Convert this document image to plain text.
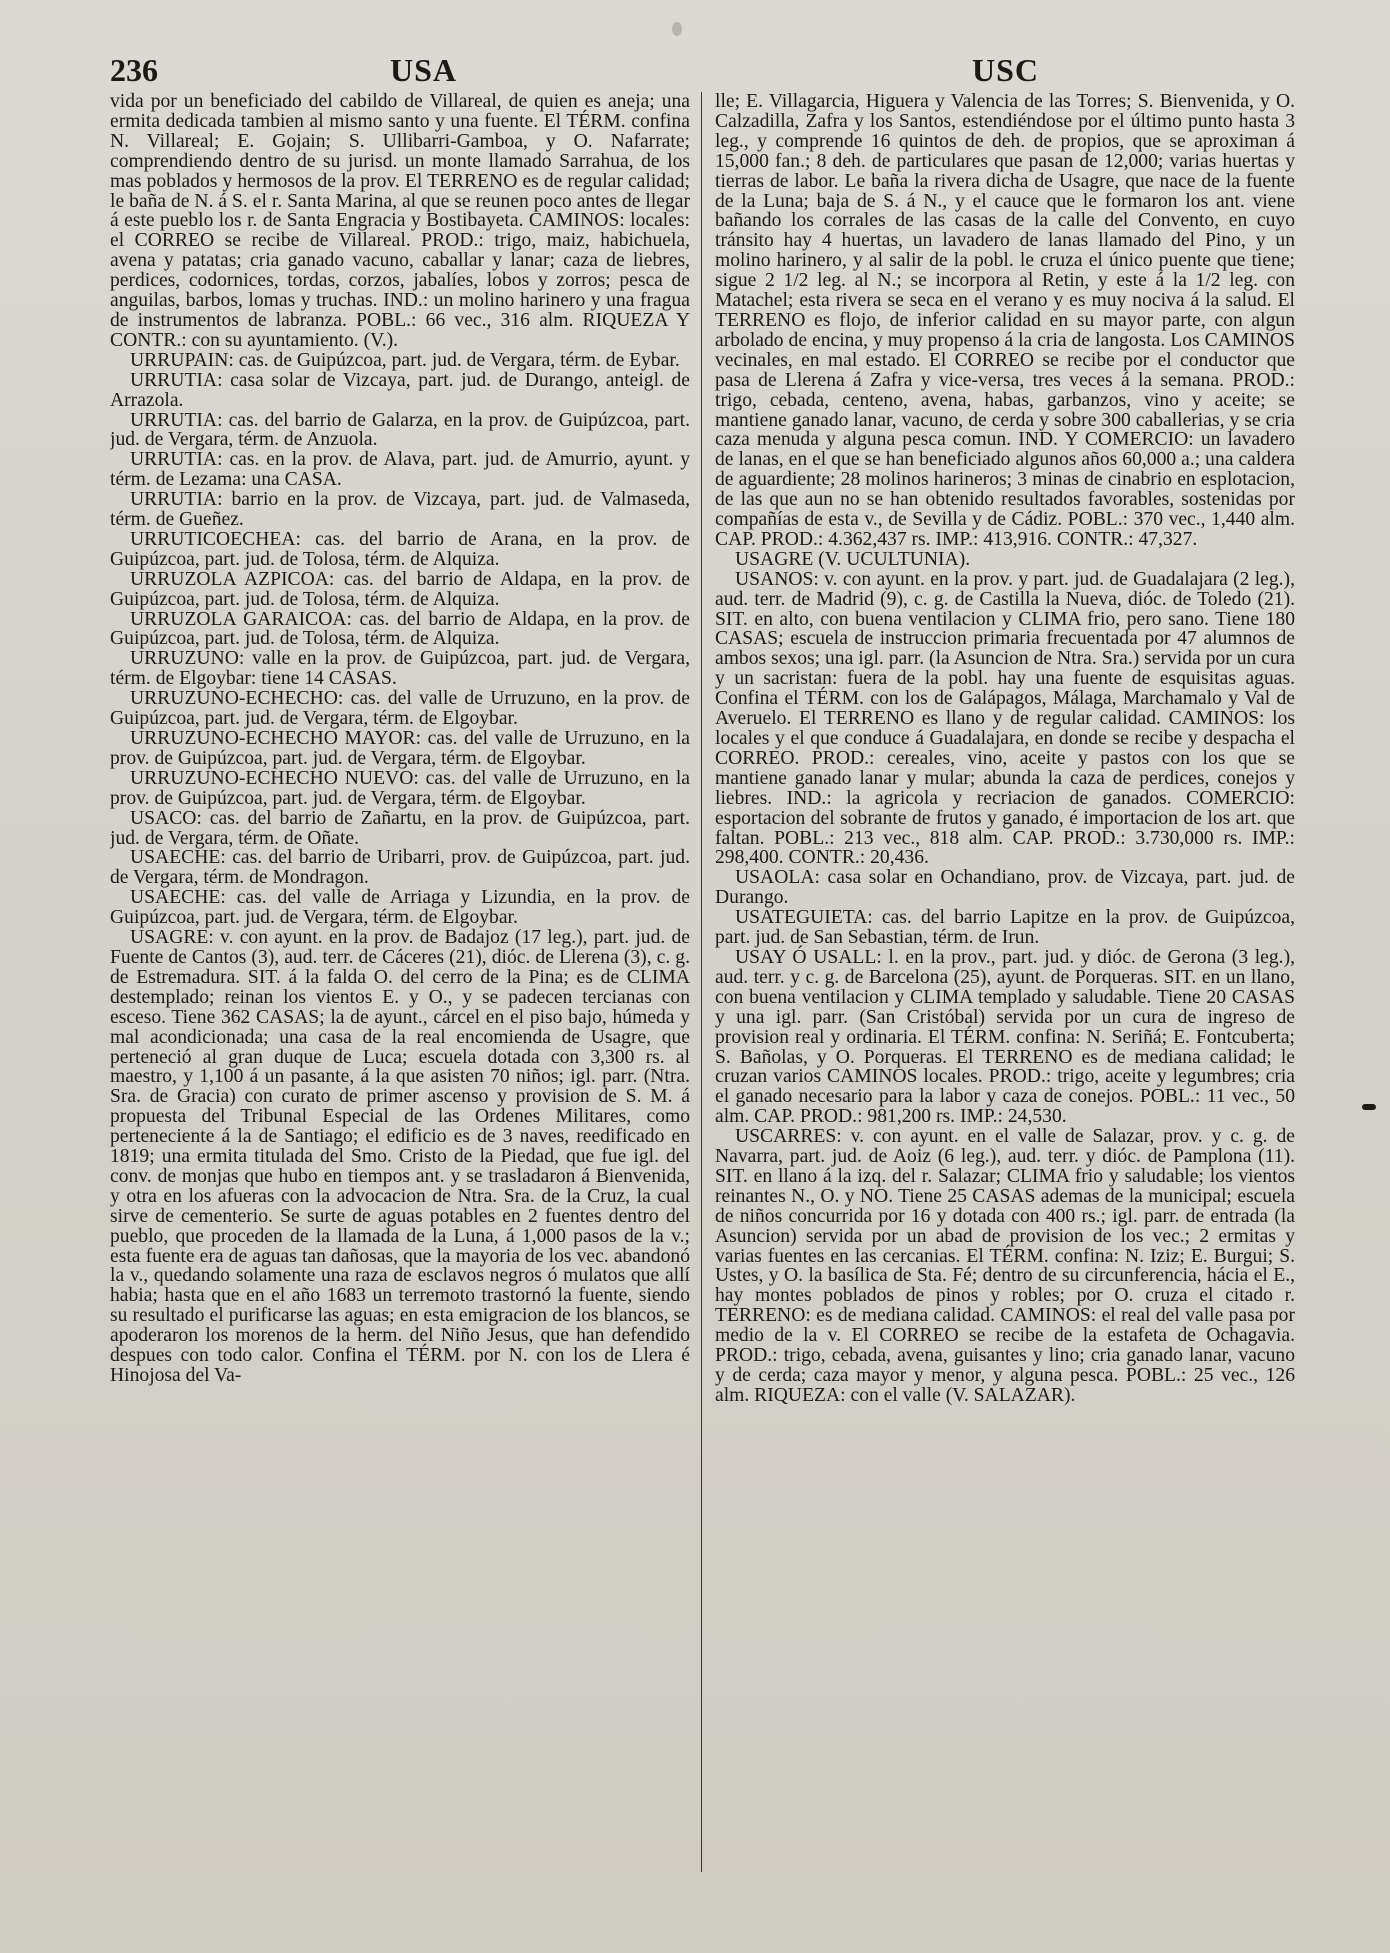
236	USA	USC

vida por un beneficiado del cabildo de Villareal, de quien es aneja; una ermita dedicada tambien al mismo santo y una fuente. El TÉRM. confina N. Villareal; E. Gojain; S. Ullibarri-Gamboa, y O. Nafarrate; comprendiendo dentro de su jurisd. un monte llamado Sarrahua, de los mas poblados y hermosos de la prov. El TERRENO es de regular calidad; le baña de N. á S. el r. Santa Marina, al que se reunen poco antes de llegar á este pueblo los r. de Santa Engracia y Bostibayeta. CAMINOS: locales: el CORREO se recibe de Villareal. PROD.: trigo, maiz, habichuela, avena y patatas; cria ganado vacuno, caballar y lanar; caza de liebres, perdices, codornices, tordas, corzos, jabalíes, lobos y zorros; pesca de anguilas, barbos, lomas y truchas. IND.: un molino harinero y una fragua de instrumentos de labranza. POBL.: 66 vec., 316 alm. RIQUEZA Y CONTR.: con su ayuntamiento. (V.).

URRUPAIN: cas. de Guipúzcoa, part. jud. de Vergara, térm. de Eybar.

URRUTIA: casa solar de Vizcaya, part. jud. de Durango, anteigl. de Arrazola.

URRUTIA: cas. del barrio de Galarza, en la prov. de Guipúzcoa, part. jud. de Vergara, térm. de Anzuola.

URRUTIA: cas. en la prov. de Alava, part. jud. de Amurrio, ayunt. y térm. de Lezama: una CASA.

URRUTIA: barrio en la prov. de Vizcaya, part. jud. de Valmaseda, térm. de Gueñez.

URRUTICOECHEA: cas. del barrio de Arana, en la prov. de Guipúzcoa, part. jud. de Tolosa, térm. de Alquiza.

URRUZOLA AZPICOA: cas. del barrio de Aldapa, en la prov. de Guipúzcoa, part. jud. de Tolosa, térm. de Alquiza.

URRUZOLA GARAICOA: cas. del barrio de Aldapa, en la prov. de Guipúzcoa, part. jud. de Tolosa, térm. de Alquiza.

URRUZUNO: valle en la prov. de Guipúzcoa, part. jud. de Vergara, térm. de Elgoybar: tiene 14 CASAS.

URRUZUNO-ECHECHO: cas. del valle de Urruzuno, en la prov. de Guipúzcoa, part. jud. de Vergara, térm. de Elgoybar.

URRUZUNO-ECHECHO MAYOR: cas. del valle de Urruzuno, en la prov. de Guipúzcoa, part. jud. de Vergara, térm. de Elgoybar.

URRUZUNO-ECHECHO NUEVO: cas. del valle de Urruzuno, en la prov. de Guipúzcoa, part. jud. de Vergara, térm. de Elgoybar.

USACO: cas. del barrio de Zañartu, en la prov. de Guipúzcoa, part. jud. de Vergara, térm. de Oñate.

USAECHE: cas. del barrio de Uribarri, prov. de Guipúzcoa, part. jud. de Vergara, térm. de Mondragon.

USAECHE: cas. del valle de Arriaga y Lizundia, en la prov. de Guipúzcoa, part. jud. de Vergara, térm. de Elgoybar.

USAGRE: v. con ayunt. en la prov. de Badajoz (17 leg.), part. jud. de Fuente de Cantos (3), aud. terr. de Cáceres (21), dióc. de Llerena (3), c. g. de Estremadura. SIT. á la falda O. del cerro de la Pina; es de CLIMA destemplado; reinan los vientos E. y O., y se padecen tercianas con esceso. Tiene 362 CASAS; la de ayunt., cárcel en el piso bajo, húmeda y mal acondicionada; una casa de la real encomienda de Usagre, que perteneció al gran duque de Luca; escuela dotada con 3,300 rs. al maestro, y 1,100 á un pasante, á la que asisten 70 niños; igl. parr. (Ntra. Sra. de Gracia) con curato de primer ascenso y provision de S. M. á propuesta del Tribunal Especial de las Ordenes Militares, como perteneciente á la de Santiago; el edificio es de 3 naves, reedificado en 1819; una ermita titulada del Smo. Cristo de la Piedad, que fue igl. del conv. de monjas que hubo en tiempos ant. y se trasladaron á Bienvenida, y otra en los afueras con la advocacion de Ntra. Sra. de la Cruz, la cual sirve de cementerio. Se surte de aguas potables en 2 fuentes dentro del pueblo, que proceden de la llamada de la Luna, á 1,000 pasos de la v.; esta fuente era de aguas tan dañosas, que la mayoria de los vec. abandonó la v., quedando solamente una raza de esclavos negros ó mulatos que allí habia; hasta que en el año 1683 un terremoto trastornó la fuente, siendo su resultado el purificarse las aguas; en esta emigracion de los blancos, se apoderaron los morenos de la herm. del Niño Jesus, que han defendido despues con todo calor. Confina el TÉRM. por N. con los de Llera é Hinojosa del Va-

lle; E. Villagarcia, Higuera y Valencia de las Torres; S. Bienvenida, y O. Calzadilla, Zafra y los Santos, estendiéndose por el último punto hasta 3 leg., y comprende 16 quintos de deh. de propios, que se aproximan á 15,000 fan.; 8 deh. de particulares que pasan de 12,000; varias huertas y tierras de labor. Le baña la rivera dicha de Usagre, que nace de la fuente de la Luna; baja de S. á N., y el cauce que le formaron los ant. viene bañando los corrales de las casas de la calle del Convento, en cuyo tránsito hay 4 huertas, un lavadero de lanas llamado del Pino, y un molino harinero, y al salir de la pobl. le cruza el único puente que tiene; sigue 2 1/2 leg. al N.; se incorpora al Retin, y este á la 1/2 leg. con Matachel; esta rivera se seca en el verano y es muy nociva á la salud. El TERRENO es flojo, de inferior calidad en su mayor parte, con algun arbolado de encina, y muy propenso á la cria de langosta. Los CAMINOS vecinales, en mal estado. El CORREO se recibe por el conductor que pasa de Llerena á Zafra y vice-versa, tres veces á la semana. PROD.: trigo, cebada, centeno, avena, habas, garbanzos, vino y aceite; se mantiene ganado lanar, vacuno, de cerda y sobre 300 caballerias, y se cria caza menuda y alguna pesca comun. IND. Y COMERCIO: un lavadero de lanas, en el que se han beneficiado algunos años 60,000 a.; una caldera de aguardiente; 28 molinos harineros; 3 minas de cinabrio en esplotacion, de las que aun no se han obtenido resultados favorables, sostenidas por compañías de esta v., de Sevilla y de Cádiz. POBL.: 370 vec., 1,440 alm. CAP. PROD.: 4.362,437 rs. IMP.: 413,916. CONTR.: 47,327.

USAGRE (V. UCULTUNIA).

USANOS: v. con ayunt. en la prov. y part. jud. de Guadalajara (2 leg.), aud. terr. de Madrid (9), c. g. de Castilla la Nueva, dióc. de Toledo (21). SIT. en alto, con buena ventilacion y CLIMA frio, pero sano. Tiene 180 CASAS; escuela de instruccion primaria frecuentada por 47 alumnos de ambos sexos; una igl. parr. (la Asuncion de Ntra. Sra.) servida por un cura y un sacristan: fuera de la pobl. hay una fuente de esquisitas aguas. Confina el TÉRM. con los de Galápagos, Málaga, Marchamalo y Val de Averuelo. El TERRENO es llano y de regular calidad. CAMINOS: los locales y el que conduce á Guadalajara, en donde se recibe y despacha el CORREO. PROD.: cereales, vino, aceite y pastos con los que se mantiene ganado lanar y mular; abunda la caza de perdices, conejos y liebres. IND.: la agricola y recriacion de ganados. COMERCIO: esportacion del sobrante de frutos y ganado, é importacion de los art. que faltan. POBL.: 213 vec., 818 alm. CAP. PROD.: 3.730,000 rs. IMP.: 298,400. CONTR.: 20,436.

USAOLA: casa solar en Ochandiano, prov. de Vizcaya, part. jud. de Durango.

USATEGUIETA: cas. del barrio Lapitze en la prov. de Guipúzcoa, part. jud. de San Sebastian, térm. de Irun.

USAY Ó USALL: l. en la prov., part. jud. y dióc. de Gerona (3 leg.), aud. terr. y c. g. de Barcelona (25), ayunt. de Porqueras. SIT. en un llano, con buena ventilacion y CLIMA templado y saludable. Tiene 20 CASAS y una igl. parr. (San Cristóbal) servida por un cura de ingreso de provision real y ordinaria. El TÉRM. confina: N. Seriñá; E. Fontcuberta; S. Bañolas, y O. Porqueras. El TERRENO es de mediana calidad; le cruzan varios CAMINOS locales. PROD.: trigo, aceite y legumbres; cria el ganado necesario para la labor y caza de conejos. POBL.: 11 vec., 50 alm. CAP. PROD.: 981,200 rs. IMP.: 24,530.

USCARRES: v. con ayunt. en el valle de Salazar, prov. y c. g. de Navarra, part. jud. de Aoiz (6 leg.), aud. terr. y dióc. de Pamplona (11). SIT. en llano á la izq. del r. Salazar; CLIMA frio y saludable; los vientos reinantes N., O. y NO. Tiene 25 CASAS ademas de la municipal; escuela de niños concurrida por 16 y dotada con 400 rs.; igl. parr. de entrada (la Asuncion) servida por un abad de provision de los vec.; 2 ermitas y varias fuentes en las cercanias. El TÉRM. confina: N. Iziz; E. Burgui; S. Ustes, y O. la basílica de Sta. Fé; dentro de su circunferencia, hácia el E., hay montes poblados de pinos y robles; por O. cruza el citado r. TERRENO: es de mediana calidad. CAMINOS: el real del valle pasa por medio de la v. El CORREO se recibe de la estafeta de Ochagavia. PROD.: trigo, cebada, avena, guisantes y lino; cria ganado lanar, vacuno y de cerda; caza mayor y menor, y alguna pesca. POBL.: 25 vec., 126 alm. RIQUEZA: con el valle (V. SALAZAR).
